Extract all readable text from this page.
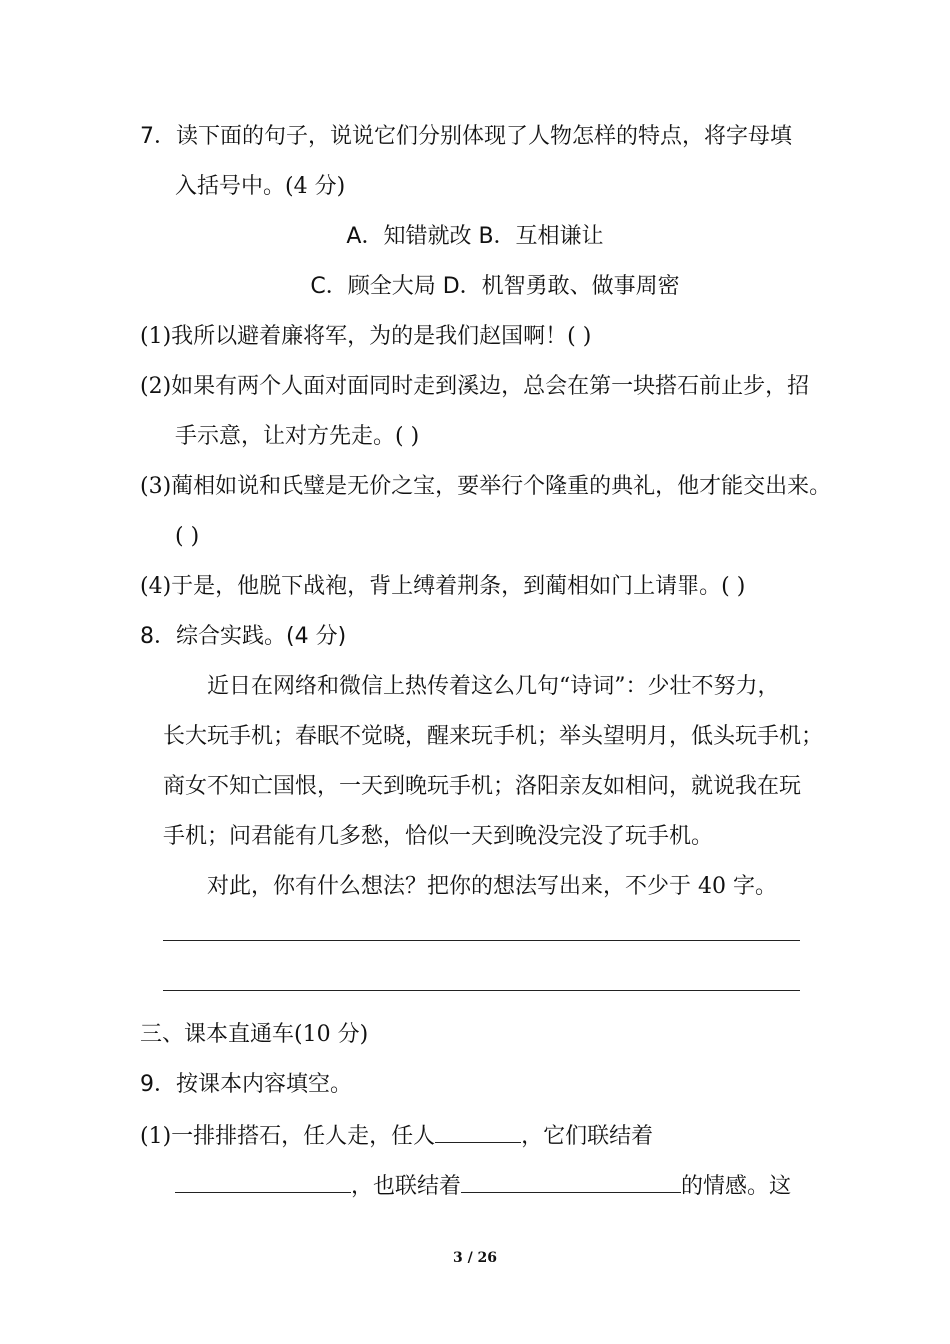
7．读下面的句子，说说它们分别体现了人物怎样的特点，将字母填
入括号中。(4 分)
A．知错就改 B．互相谦让
C．顾全大局 D．机智勇敢、做事周密
(1)我所以避着廉将军，为的是我们赵国啊！( )
(2)如果有两个人面对面同时走到溪边，总会在第一块搭石前止步，招
手示意，让对方先走。( )
(3)蔺相如说和氏璧是无价之宝，要举行个隆重的典礼，他才能交出来。
( )
(4)于是，他脱下战袍，背上缚着荆条，到蔺相如门上请罪。( )
8．综合实践。(4 分)
近日在网络和微信上热传着这么几句“诗词”：少壮不努力，
长大玩手机；春眠不觉晓，醒来玩手机；举头望明月，低头玩手机；
商女不知亡国恨，一天到晚玩手机；洛阳亲友如相问，就说我在玩
手机；问君能有几多愁，恰似一天到晚没完没了玩手机。
对此，你有什么想法？把你的想法写出来，不少于 40 字。
三、课本直通车(10 分)
9．按课本内容填空。
(1)一排排搭石，任人走，任人	，它们联结着
，也联结着	的情感。这
3 / 26
